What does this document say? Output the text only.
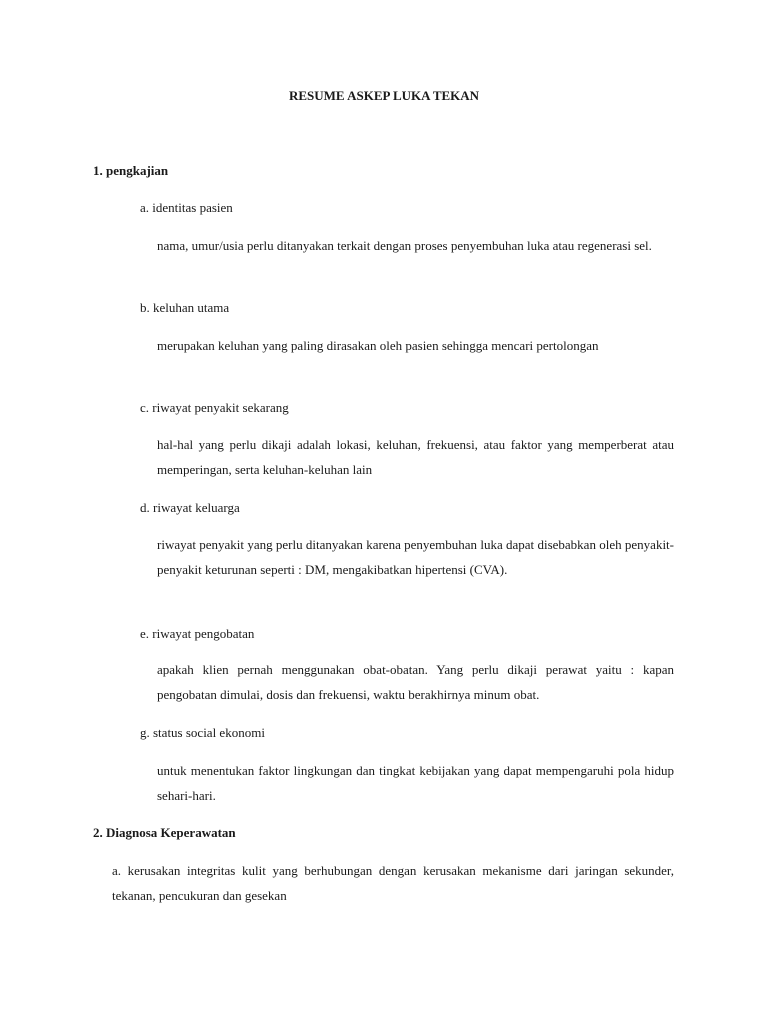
RESUME ASKEP LUKA TEKAN
1. pengkajian
a. identitas pasien
nama, umur/usia perlu ditanyakan terkait dengan proses penyembuhan luka atau regenerasi sel.
b. keluhan utama
merupakan keluhan yang paling dirasakan oleh pasien sehingga mencari pertolongan
c. riwayat penyakit sekarang
hal-hal yang perlu dikaji adalah lokasi, keluhan, frekuensi, atau faktor yang memperberat atau memperingan, serta keluhan-keluhan lain
d. riwayat keluarga
riwayat penyakit yang perlu ditanyakan karena penyembuhan luka dapat disebabkan oleh penyakit-penyakit keturunan seperti : DM, mengakibatkan hipertensi (CVA).
e. riwayat pengobatan
apakah klien pernah menggunakan obat-obatan. Yang perlu dikaji perawat yaitu : kapan pengobatan dimulai, dosis dan frekuensi, waktu berakhirnya minum obat.
g. status social ekonomi
untuk menentukan faktor lingkungan dan tingkat kebijakan yang dapat mempengaruhi pola hidup sehari-hari.
2. Diagnosa Keperawatan
a. kerusakan integritas kulit yang berhubungan dengan kerusakan mekanisme dari jaringan sekunder, tekanan, pencukuran dan gesekan
